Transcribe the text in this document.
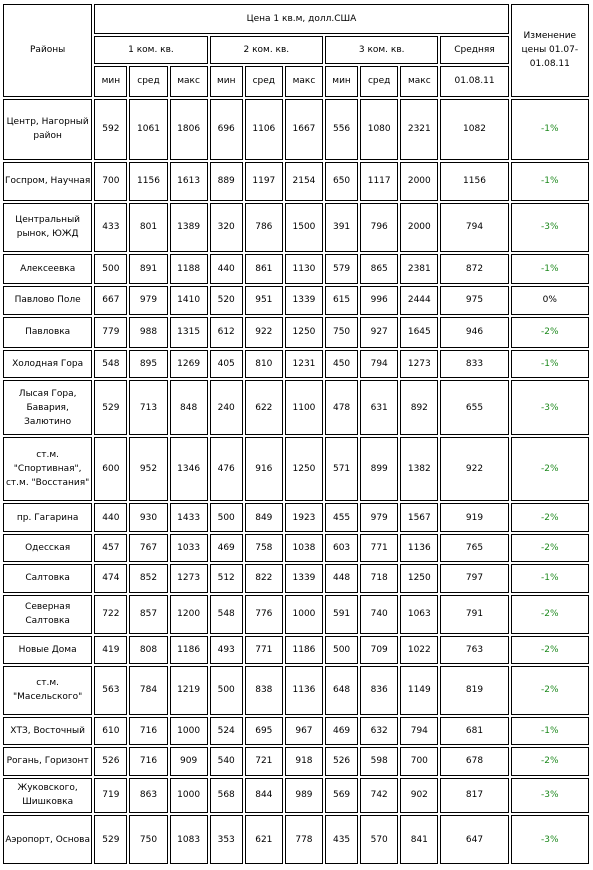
Районы	Цена 1 кв.м, долл.США										Изменение цены 01.07-01.08.11
	1 ком. кв.			2 ком. кв.			3 ком. кв.			Средняя	
	мин	сред	макс	мин	сред	макс	мин	сред	макс	01.08.11	
Центр, Нагорный район	592	1061	1806	696	1106	1667	556	1080	2321	1082	-1%
Госпром, Научная	700	1156	1613	889	1197	2154	650	1117	2000	1156	-1%
Центральный рынок, ЮЖД	433	801	1389	320	786	1500	391	796	2000	794	-3%
Алексеевка	500	891	1188	440	861	1130	579	865	2381	872	-1%
Павлово Поле	667	979	1410	520	951	1339	615	996	2444	975	0%
Павловка	779	988	1315	612	922	1250	750	927	1645	946	-2%
Холодная Гора	548	895	1269	405	810	1231	450	794	1273	833	-1%
Лысая Гора, Бавария, Залютино	529	713	848	240	622	1100	478	631	892	655	-3%
ст.м. "Спортивная", ст.м. "Восстания"	600	952	1346	476	916	1250	571	899	1382	922	-2%
пр. Гагарина	440	930	1433	500	849	1923	455	979	1567	919	-2%
Одесская	457	767	1033	469	758	1038	603	771	1136	765	-2%
Салтовка	474	852	1273	512	822	1339	448	718	1250	797	-1%
Северная Салтовка	722	857	1200	548	776	1000	591	740	1063	791	-2%
Новые Дома	419	808	1186	493	771	1186	500	709	1022	763	-2%
ст.м. "Масельского"	563	784	1219	500	838	1136	648	836	1149	819	-2%
ХТЗ, Восточный	610	716	1000	524	695	967	469	632	794	681	-1%
Рогань, Горизонт	526	716	909	540	721	918	526	598	700	678	-2%
Жуковского, Шишковка	719	863	1000	568	844	989	569	742	902	817	-3%
Аэропорт, Основа	529	750	1083	353	621	778	435	570	841	647	-3%
